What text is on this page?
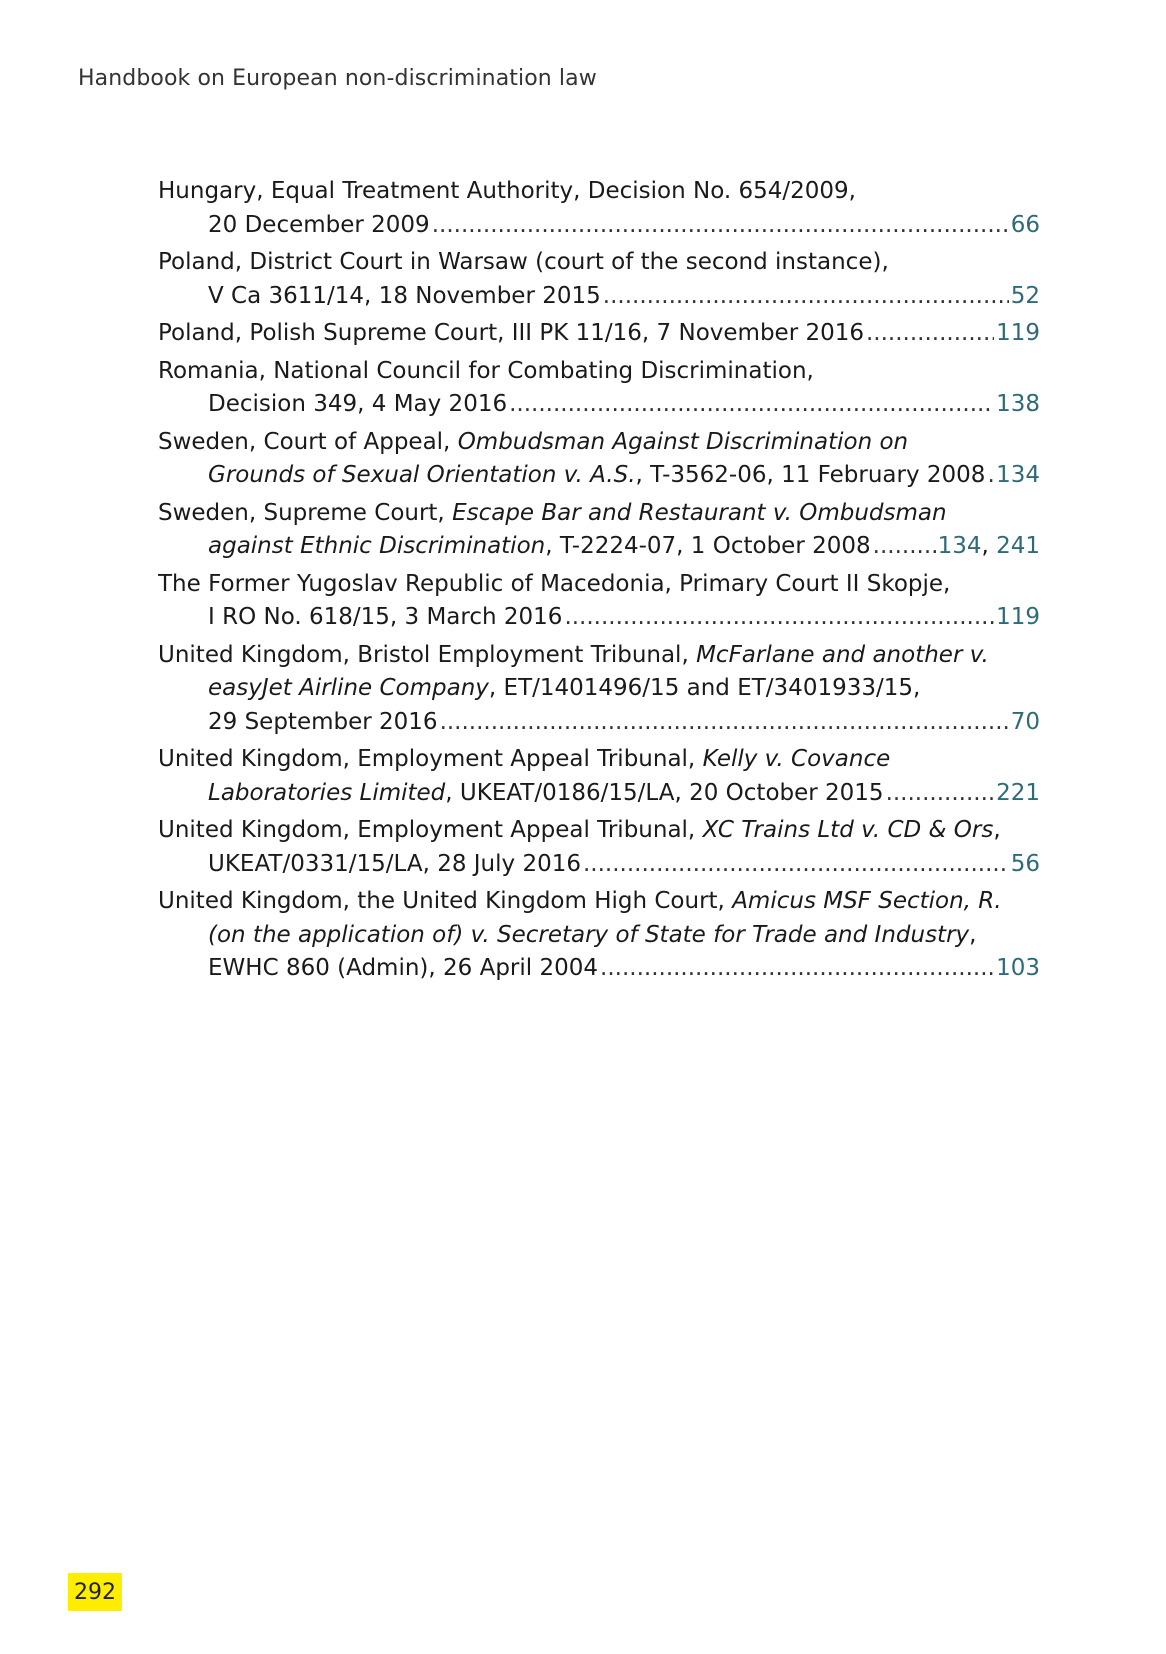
Handbook on European non-discrimination law
Hungary, Equal Treatment Authority, Decision No. 654/2009,
20 December 2009 .....	66
Poland, District Court in Warsaw (court of the second instance),
V Ca 3611/14, 18 November 2015 .....	52
Poland, Polish Supreme Court, III PK 11/16, 7 November 2016 .....	119
Romania, National Council for Combating Discrimination,
Decision 349, 4 May 2016 .....	138
Sweden, Court of Appeal, Ombudsman Against Discrimination on
Grounds of Sexual Orientation v. A.S., T-3562-06, 11 February 2008 ..... 134
Sweden, Supreme Court, Escape Bar and Restaurant v. Ombudsman
against Ethnic Discrimination, T-2224-07, 1 October 2008 .....	134, 241
The Former Yugoslav Republic of Macedonia, Primary Court II Skopje,
I RO No. 618/15, 3 March 2016 .....	119
United Kingdom, Bristol Employment Tribunal, McFarlane and another v.
easyJet Airline Company, ET/1401496/15 and ET/3401933/15,
29 September 2016 .....	70
United Kingdom, Employment Appeal Tribunal, Kelly v. Covance
Laboratories Limited, UKEAT/0186/15/LA, 20 October 2015 .....	221
United Kingdom, Employment Appeal Tribunal, XC Trains Ltd v. CD & Ors,
UKEAT/0331/15/LA, 28 July 2016 .....	56
United Kingdom, the United Kingdom High Court, Amicus MSF Section, R.
(on the application of) v. Secretary of State for Trade and Industry,
EWHC 860 (Admin), 26 April 2004 .....	103
292
